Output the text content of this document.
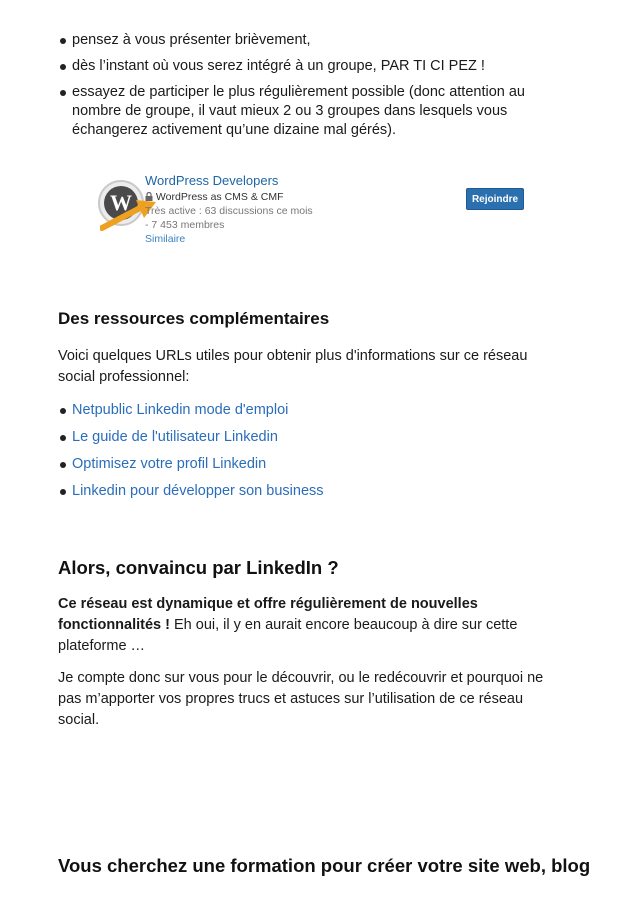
pensez à vous présenter brièvement,
dès l’instant où vous serez intégré à un groupe, PAR TI CI PEZ !
essayez de participer le plus régulièrement possible (donc attention au nombre de groupe, il vaut mieux 2 ou 3 groupes dans lesquels vous échangerez activement qu’une dizaine mal gérés).
W
WordPress Developers
WordPress as CMS & CMF
Très active : 63 discussions ce mois
- 7 453 membres
Similaire
Rejoindre
Des ressources complémentaires

Voici quelques URLs utiles pour obtenir plus d'informations sur ce réseau social professionnel:

Netpublic Linkedin mode d'emploi
Le guide de l'utilisateur Linkedin
Optimisez votre profil Linkedin
Linkedin pour développer son business
Alors, convaincu par LinkedIn ?

Ce réseau est dynamique et offre régulièrement de nouvelles fonctionnalités ! Eh oui, il y en aurait encore beaucoup à dire sur cette plateforme …

Je compte donc sur vous pour le découvrir, ou le redécouvrir et pourquoi ne pas m’apporter vos propres trucs et astuces sur l’utilisation de ce réseau social.

Vous cherchez une formation pour créer votre site web, blog
